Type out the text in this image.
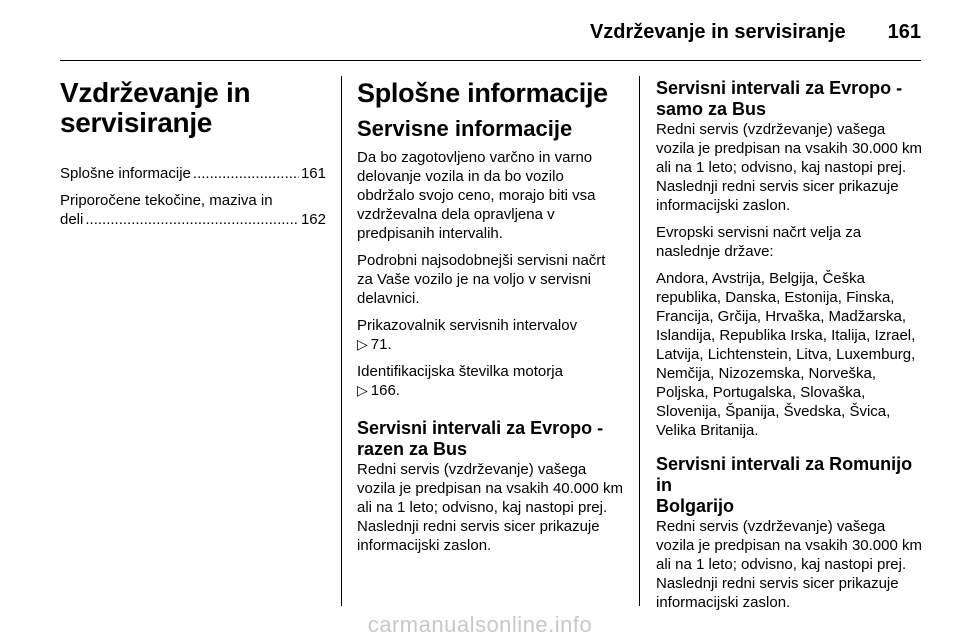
Vzdrževanje in servisiranje 161
Vzdrževanje in
servisiranje
Splošne informacije .....	161
Priporočene tekočine, maziva in
deli .....	162
Splošne informacije
Servisne informacije

Da bo zagotovljeno varčno in varno delovanje vozila in da bo vozilo obdržalo svojo ceno, morajo biti vsa vzdrževalna dela opravljena v predpisanih intervalih.

Podrobni najsodobnejši servisni načrt za Vaše vozilo je na voljo v servisni delavnici.

Prikazovalnik servisnih intervalov
▷ 71.

Identifikacijska številka motorja
▷ 166.

Servisni intervali za Evropo -
razen za Bus

Redni servis (vzdrževanje) vašega vozila je predpisan na vsakih 40.000 km ali na 1 leto; odvisno, kaj nastopi prej. Naslednji redni servis sicer prikazuje informacijski zaslon.

Servisni intervali za Evropo -
samo za Bus

Redni servis (vzdrževanje) vašega vozila je predpisan na vsakih 30.000 km ali na 1 leto; odvisno, kaj nastopi prej. Naslednji redni servis sicer prikazuje informacijski zaslon.

Evropski servisni načrt velja za naslednje države:

Andora, Avstrija, Belgija, Češka republika, Danska, Estonija, Finska, Francija, Grčija, Hrvaška, Madžarska, Islandija, Republika Irska, Italija, Izrael, Latvija, Lichtenstein, Litva, Luxemburg, Nemčija, Nizozemska, Norveška, Poljska, Portugalska, Slovaška, Slovenija, Španija, Švedska, Švica, Velika Britanija.

Servisni intervali za Romunijo in
Bolgarijo

Redni servis (vzdrževanje) vašega vozila je predpisan na vsakih 30.000 km ali na 1 leto; odvisno, kaj nastopi prej. Naslednji redni servis sicer prikazuje informacijski zaslon.

carmanualsonline.info
